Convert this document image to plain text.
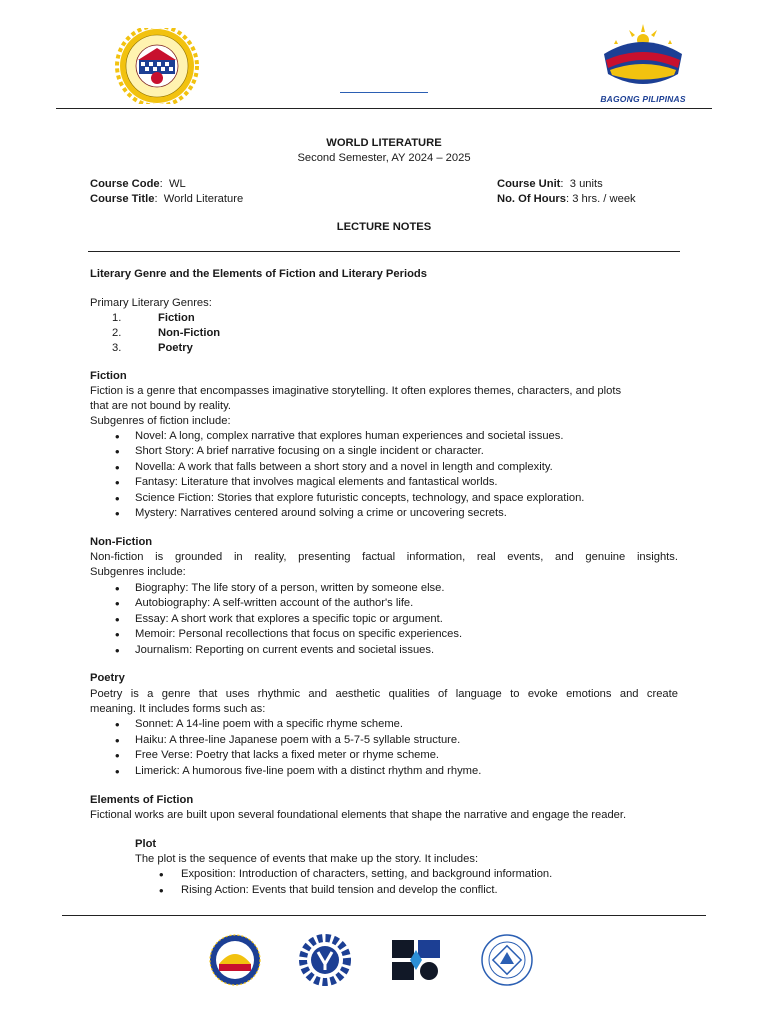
BAGONG PILIPINAS
WORLD LITERATURE
Second Semester, AY 2024 – 2025
Course Code:  WL
Course Title:  World Literature
Course Unit:  3 units
No. Of Hours: 3 hrs. / week
LECTURE NOTES
Literary Genre and the Elements of Fiction and Literary Periods
Primary Literary Genres:
1.	Fiction
2.	Non-Fiction
3.	Poetry
Fiction
Fiction is a genre that encompasses imaginative storytelling. It often explores themes, characters, and plots
that are not bound by reality.
Subgenres of fiction include:
• Novel: A long, complex narrative that explores human experiences and societal issues.
• Short Story: A brief narrative focusing on a single incident or character.
• Novella: A work that falls between a short story and a novel in length and complexity.
• Fantasy: Literature that involves magical elements and fantastical worlds.
• Science Fiction: Stories that explore futuristic concepts, technology, and space exploration.
• Mystery: Narratives centered around solving a crime or uncovering secrets.
Non-Fiction
Non-fiction is grounded in reality, presenting factual information, real events, and genuine insights.
Subgenres include:
• Biography: The life story of a person, written by someone else.
• Autobiography: A self-written account of the author's life.
• Essay: A short work that explores a specific topic or argument.
• Memoir: Personal recollections that focus on specific experiences.
• Journalism: Reporting on current events and societal issues.
Poetry
Poetry is a genre that uses rhythmic and aesthetic qualities of language to evoke emotions and create
meaning. It includes forms such as:
• Sonnet: A 14-line poem with a specific rhyme scheme.
• Haiku: A three-line Japanese poem with a 5-7-5 syllable structure.
• Free Verse: Poetry that lacks a fixed meter or rhyme scheme.
• Limerick: A humorous five-line poem with a distinct rhythm and rhyme.
Elements of Fiction
Fictional works are built upon several foundational elements that shape the narrative and engage the reader.
Plot
The plot is the sequence of events that make up the story. It includes:
• Exposition: Introduction of characters, setting, and background information.
• Rising Action: Events that build tension and develop the conflict.
